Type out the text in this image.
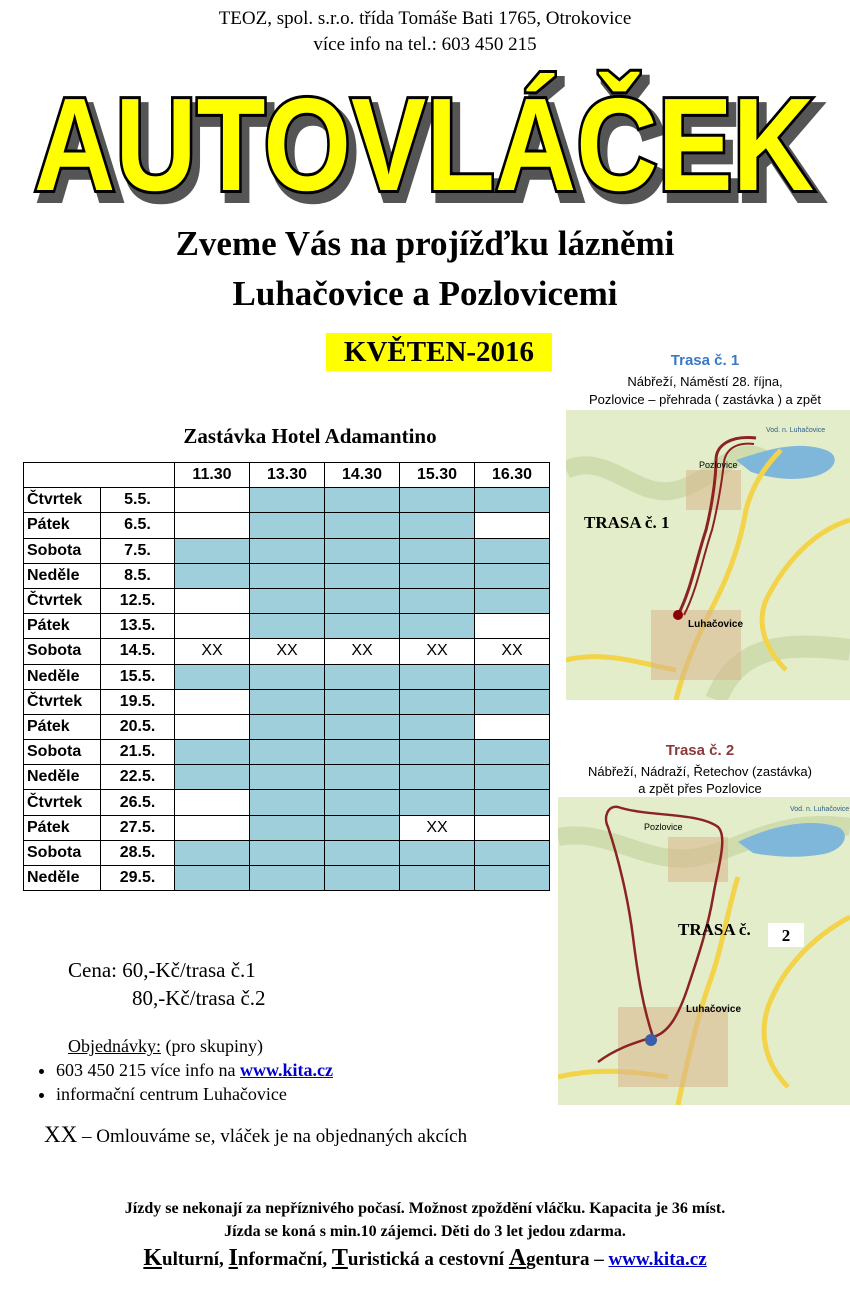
TEOZ, spol. s.r.o. třída Tomáše Bati 1765, Otrokovice
více info na tel.: 603 450 215
AUTOVLÁČEK
AUTOVLÁČEK
Zveme Vás na projížďku lázněmi
Luhačovice a Pozlovicemi
KVĚTEN-2016
Zastávka Hotel Adamantino
		11.30	13.30	14.30	15.30	16.30
Čtvrtek	5.5.					
Pátek	6.5.					
Sobota	7.5.					
Neděle	8.5.					
Čtvrtek	12.5.					
Pátek	13.5.					
Sobota	14.5.	XX	XX	XX	XX	XX
Neděle	15.5.					
Čtvrtek	19.5.					
Pátek	20.5.					
Sobota	21.5.					
Neděle	22.5.					
Čtvrtek	26.5.					
Pátek	27.5.				XX	
Sobota	28.5.					
Neděle	29.5.					
Cena: 60,-Kč/trasa č.1
80,-Kč/trasa č.2
Objednávky: (pro skupiny)
• 603 450 215 více info na www.kita.cz
• informační centrum Luhačovice
XX – Omlouváme se, vláček je na objednaných akcích
Jízdy se nekonají za nepříznivého počasí. Možnost zpoždění vláčku. Kapacita je 36 míst.
Jízda se koná s min.10 zájemci. Děti do 3 let jedou zdarma.
Kulturní, Informační, Turistická a cestovní Agentura – www.kita.cz
Trasa č. 1
Nábřeží, Náměstí 28. října,
Pozlovice – přehrada ( zastávka ) a zpět
Pozlovice
Luhačovice
Vod. n. Luhačovice
TRASA č. 1
Trasa č. 2
Nábřeží, Nádraží, Řetechov (zastávka)
a zpět přes Pozlovice
Pozlovice
Luhačovice
Vod. n. Luhačovice
TRASA č. 2
